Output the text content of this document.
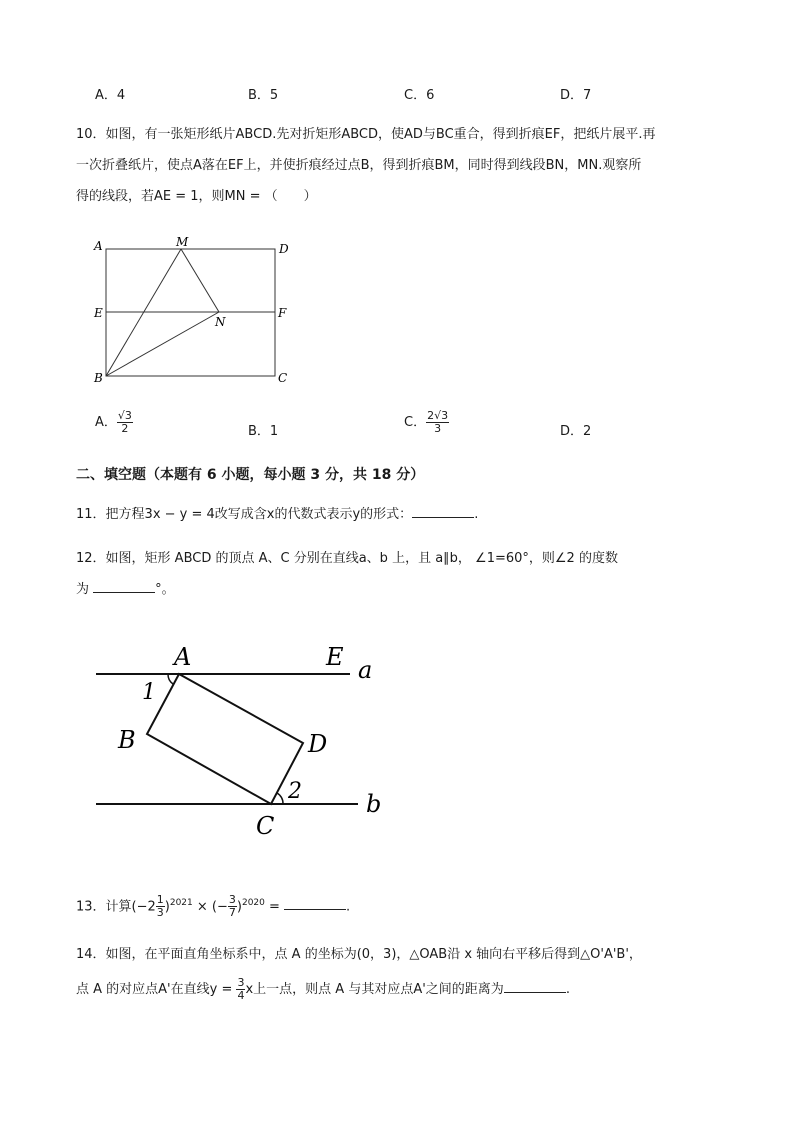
A．4	B．5	C．6	D．7
10．如图，有一张矩形纸片ABCD.先对折矩形ABCD，使AD与BC重合，得到折痕EF，把纸片展平.再
一次折叠纸片，使点A落在EF上，并使折痕经过点B，得到折痕BM，同时得到线段BN，MN.观察所
得的线段，若AE = 1，则MN = （　　）
A	M	D
E	F
N
B	C
A． $\frac{√3}{2}$	B．1
C． $\frac{2√3}{3}$	D．2
二、填空题（本题有 6 小题，每小题 3 分，共 18 分）
11．把方程3x − y = 4改写成含x的代数式表示y的形式：	.
12．如图，矩形 ABCD 的顶点 A、C 分别在直线a、b 上，且 a∥b， ∠1=60°，则∠2 的度数
为	°。
A	E a
1
B	D
2	b
C
13．计算$(-2 \frac{1}{3} )^{2021}$ × (− $\frac{3}{7} )^{2020}$ =	.
14．如图，在平面直角坐标系中，点 A 的坐标为(0，3)，△OAB沿 x 轴向右平移后得到△O'A'B'，
点 A 的对应点A'在直线$y = \frac{3}{4}$ x上一点，则点 A 与其对应点A'之间的距离为	.
